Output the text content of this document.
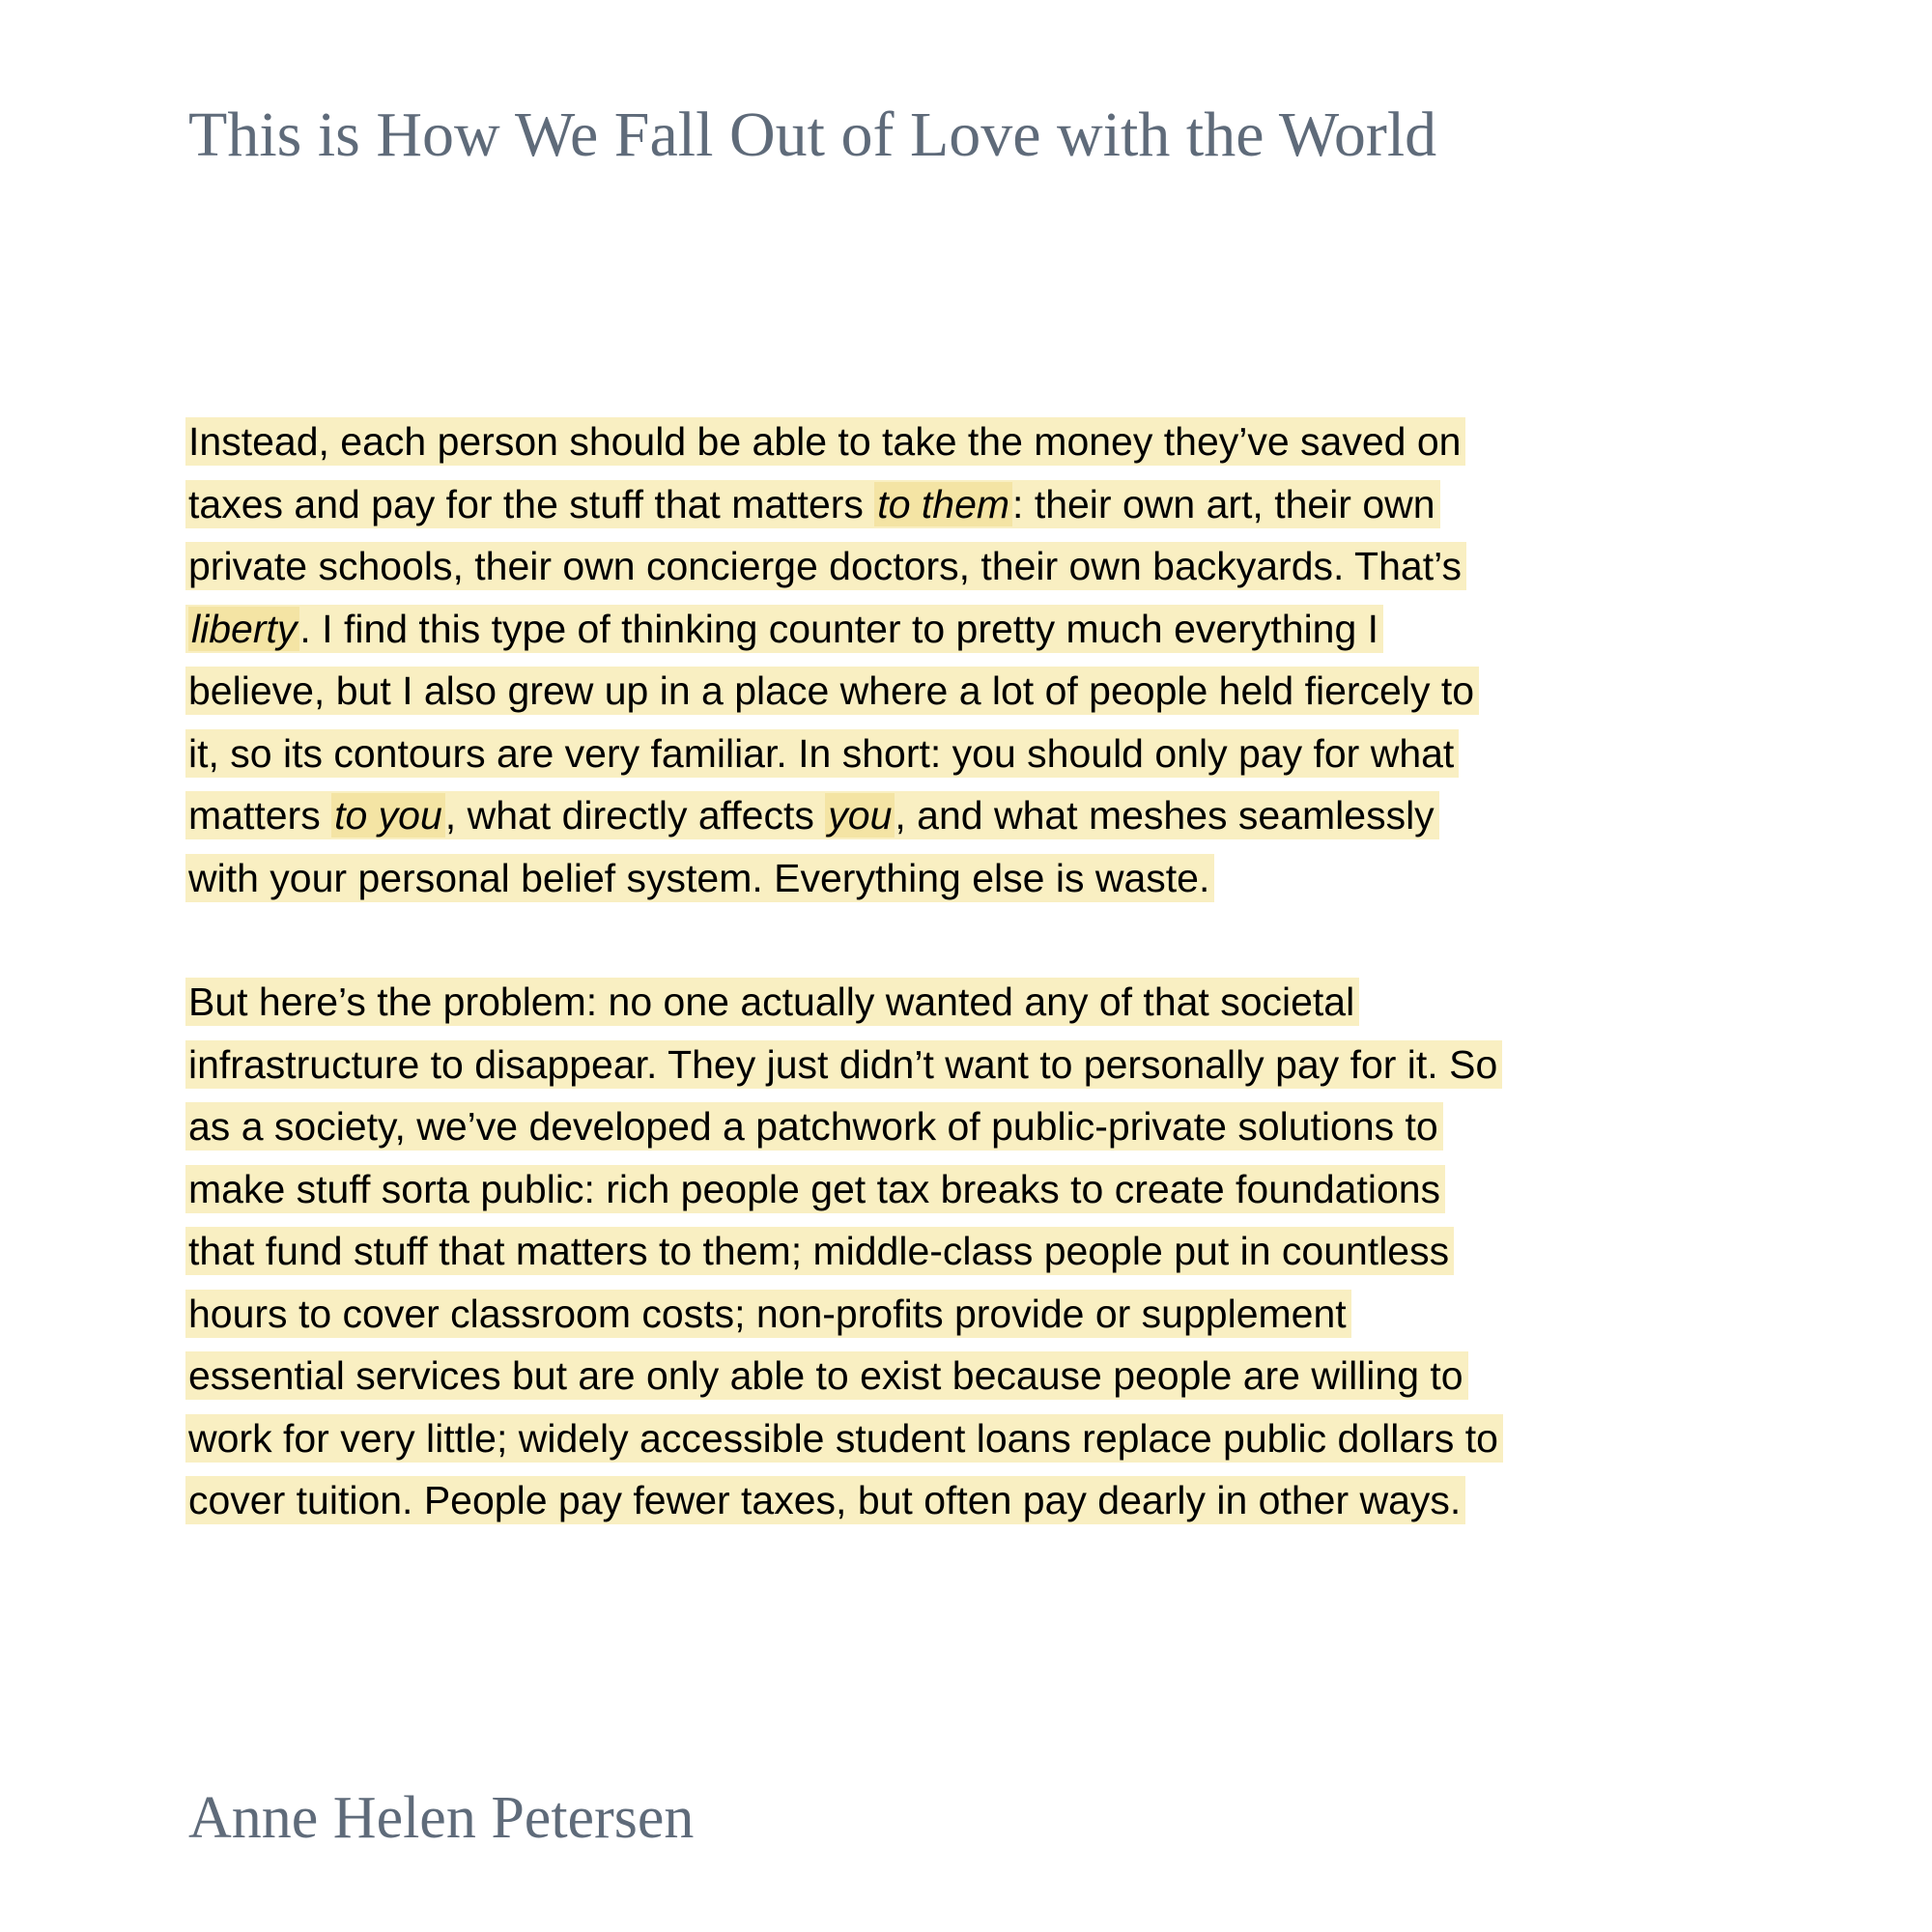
This is How We Fall Out of Love with the World
Instead, each person should be able to take the money they’ve saved on
taxes and pay for the stuff that matters to them: their own art, their own
private schools, their own concierge doctors, their own backyards. That’s
liberty. I find this type of thinking counter to pretty much everything I
believe, but I also grew up in a place where a lot of people held fiercely to
it, so its contours are very familiar. In short: you should only pay for what
matters to you, what directly affects you, and what meshes seamlessly
with your personal belief system. Everything else is waste.
But here’s the problem: no one actually wanted any of that societal
infrastructure to disappear. They just didn’t want to personally pay for it. So
as a society, we’ve developed a patchwork of public-private solutions to
make stuff sorta public: rich people get tax breaks to create foundations
that fund stuff that matters to them; middle-class people put in countless
hours to cover classroom costs; non-profits provide or supplement
essential services but are only able to exist because people are willing to
work for very little; widely accessible student loans replace public dollars to
cover tuition. People pay fewer taxes, but often pay dearly in other ways.

Anne Helen Petersen
